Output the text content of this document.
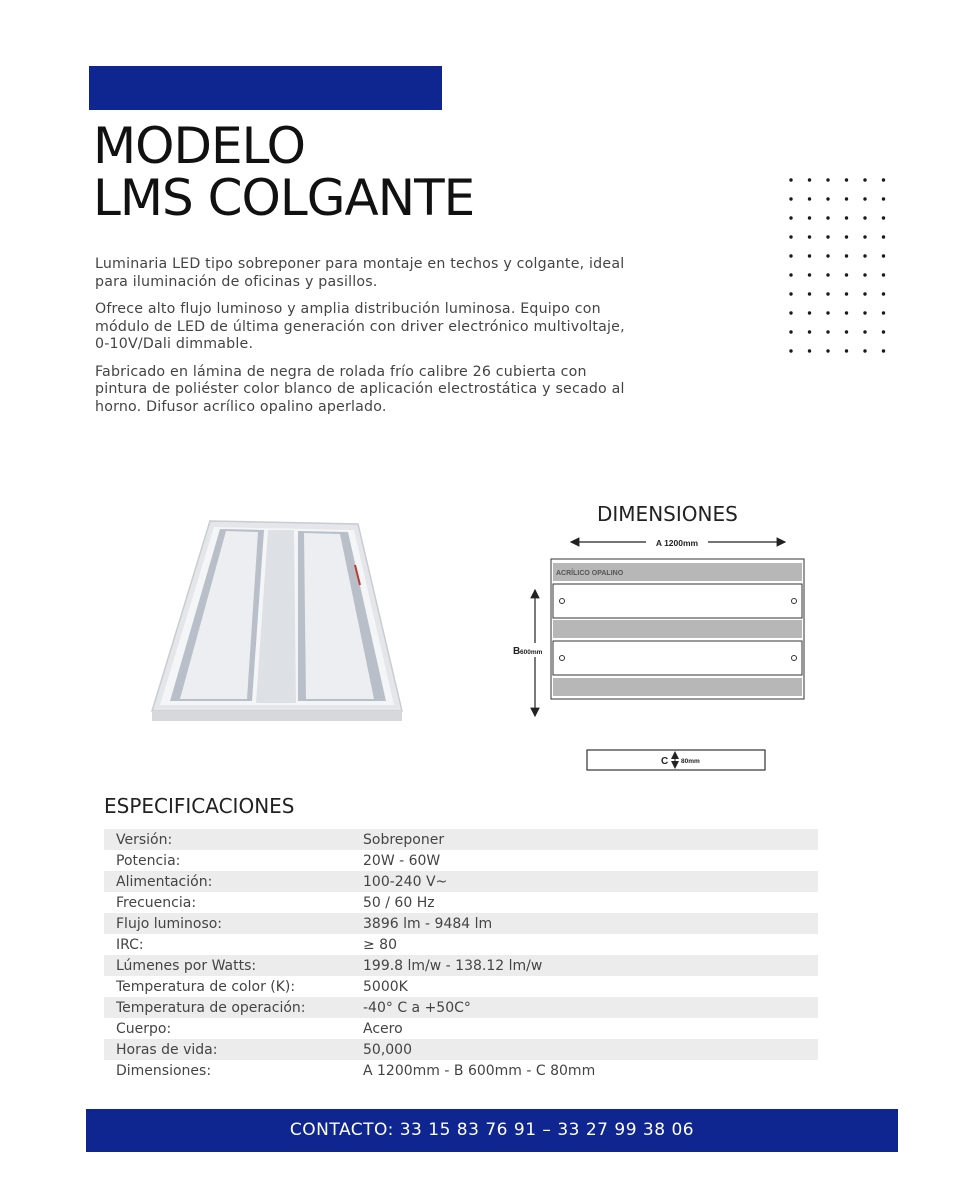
MODELO
LMS COLGANTE

Luminaria LED tipo sobreponer para montaje en techos y colgante, ideal para iluminación de oficinas y pasillos.

Ofrece alto flujo luminoso y amplia distribución luminosa. Equipo con módulo de LED de última generación con driver electrónico multivoltaje, 0-10V/Dali dimmable.

Fabricado en lámina de negra de rolada frío calibre 26 cubierta con pintura de poliéster color blanco de aplicación electrostática y secado al horno. Difusor acrílico opalino aperlado.

DIMENSIONES
A 1200mm
ACRÍLICO OPALINO
B 600mm
C 80mm
ESPECIFICACIONES
Versión:	Sobreponer
Potencia:	20W - 60W
Alimentación:	100-240 V~
Frecuencia:	50 / 60 Hz
Flujo luminoso:	3896 lm - 9484 lm
IRC:	≥ 80
Lúmenes por Watts:	199.8 lm/w - 138.12 lm/w
Temperatura de color (K):	5000K
Temperatura de operación:	-40° C a +50C°
Cuerpo:	Acero
Horas de vida:	50,000
Dimensiones:	A 1200mm - B 600mm - C 80mm
CONTACTO: 33 15 83 76 91 – 33 27 99 38 06
